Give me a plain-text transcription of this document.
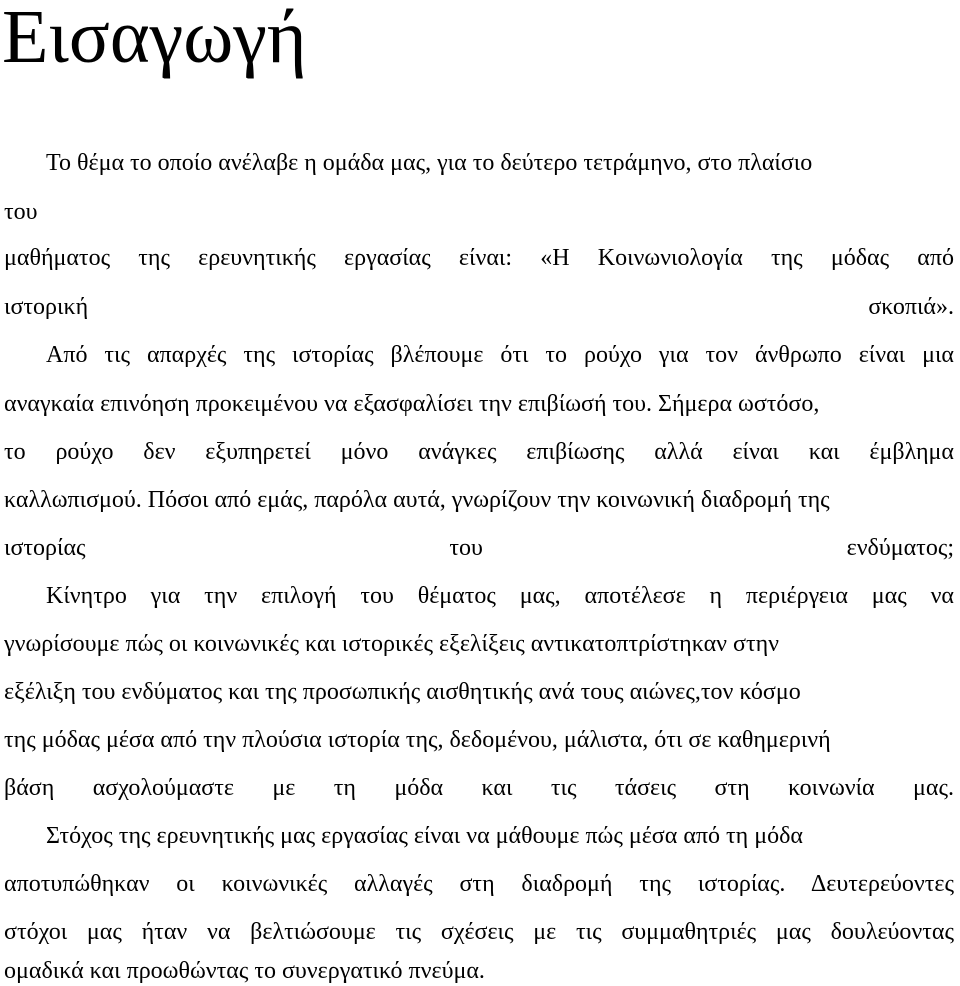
Εισαγωγή
Το θέμα το οποίο ανέλαβε η ομάδα μας, για το δεύτερο τετράμηνο, στο πλαίσιο
του
μαθήματος της ερευνητικής εργασίας είναι: «Η Κοινωνιολογία της μόδας από
ιστορική	σκοπιά».
Από τις απαρχές της ιστορίας βλέπουμε ότι το ρούχο για τον άνθρωπο είναι μια
αναγκαία επινόηση προκειμένου να εξασφαλίσει την επιβίωσή του. Σήμερα ωστόσο,
το ρούχο δεν εξυπηρετεί μόνο ανάγκες επιβίωσης αλλά είναι και έμβλημα
καλλωπισμού. Πόσοι από εμάς, παρόλα αυτά, γνωρίζουν την κοινωνική διαδρομή της
ιστορίας του ενδύματος;
Κίνητρο για την επιλογή του θέματος μας, αποτέλεσε η περιέργεια μας να
γνωρίσουμε πώς οι κοινωνικές και ιστορικές εξελίξεις αντικατοπτρίστηκαν στην
εξέλιξη του ενδύματος και της προσωπικής αισθητικής ανά τους αιώνες,τον κόσμο
της μόδας μέσα από την πλούσια ιστορία της, δεδομένου, μάλιστα, ότι σε καθημερινή
βάση ασχολούμαστε με τη μόδα και τις τάσεις στη κοινωνία μας.
Στόχος της ερευνητικής μας εργασίας είναι να μάθουμε πώς μέσα από τη μόδα
αποτυπώθηκαν οι κοινωνικές αλλαγές στη διαδρομή της ιστορίας. Δευτερεύοντες
στόχοι μας ήταν να βελτιώσουμε τις σχέσεις με τις συμμαθητριές μας δουλεύοντας
ομαδικά και προωθώντας το συνεργατικό πνεύμα.
